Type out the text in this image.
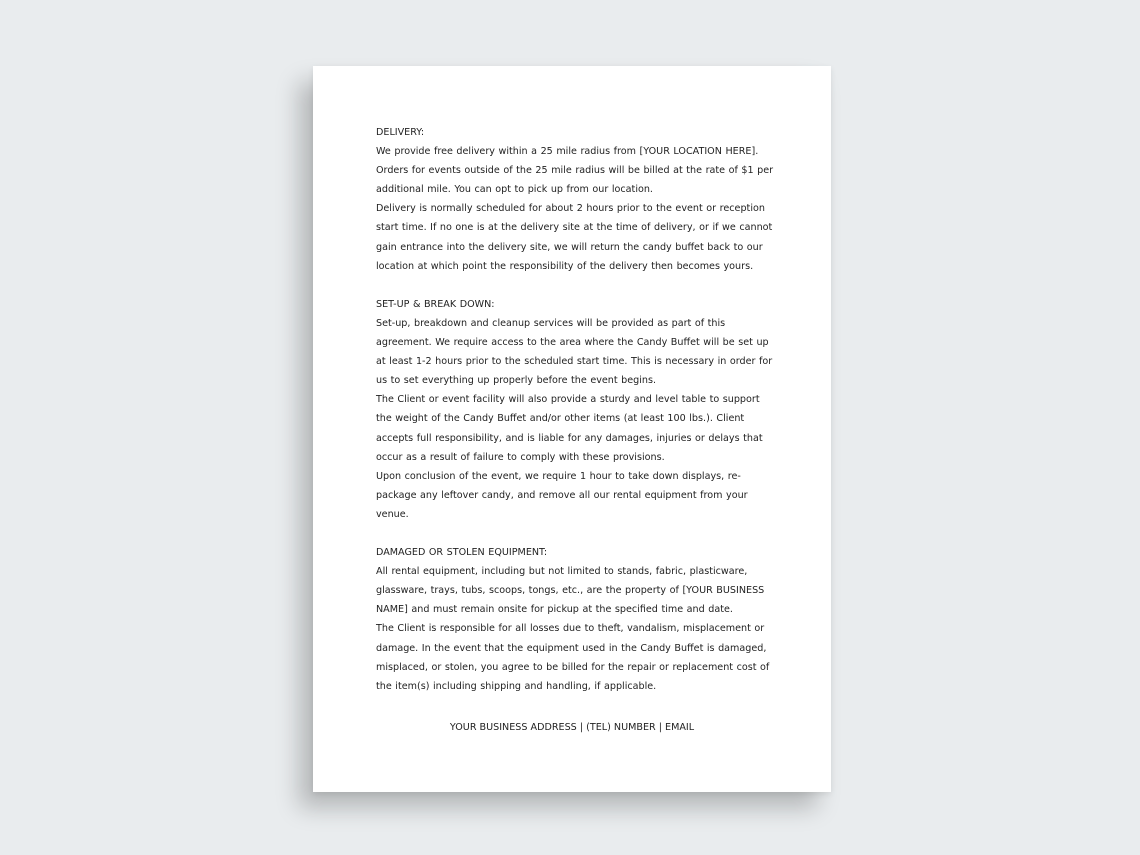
DELIVERY:
We provide free delivery within a 25 mile radius from [YOUR LOCATION HERE]. Orders for events outside of the 25 mile radius will be billed at the rate of $1 per additional mile. You can opt to pick up from our location.
Delivery is normally scheduled for about 2 hours prior to the event or reception start time. If no one is at the delivery site at the time of delivery, or if we cannot gain entrance into the delivery site, we will return the candy buffet back to our location at which point the responsibility of the delivery then becomes yours.
SET-UP & BREAK DOWN:
Set-up, breakdown and cleanup services will be provided as part of this agreement. We require access to the area where the Candy Buffet will be set up at least 1-2 hours prior to the scheduled start time. This is necessary in order for us to set everything up properly before the event begins.
The Client or event facility will also provide a sturdy and level table to support the weight of the Candy Buffet and/or other items (at least 100 lbs.). Client accepts full responsibility, and is liable for any damages, injuries or delays that occur as a result of failure to comply with these provisions.
Upon conclusion of the event, we require 1 hour to take down displays, re-package any leftover candy, and remove all our rental equipment from your venue.
DAMAGED OR STOLEN EQUIPMENT:
All rental equipment, including but not limited to stands, fabric, plasticware, glassware, trays, tubs, scoops, tongs, etc., are the property of [YOUR BUSINESS NAME] and must remain onsite for pickup at the specified time and date.
The Client is responsible for all losses due to theft, vandalism, misplacement or damage. In the event that the equipment used in the Candy Buffet is damaged, misplaced, or stolen, you agree to be billed for the repair or replacement cost of the item(s) including shipping and handling, if applicable.
YOUR BUSINESS ADDRESS | (TEL) NUMBER | EMAIL
